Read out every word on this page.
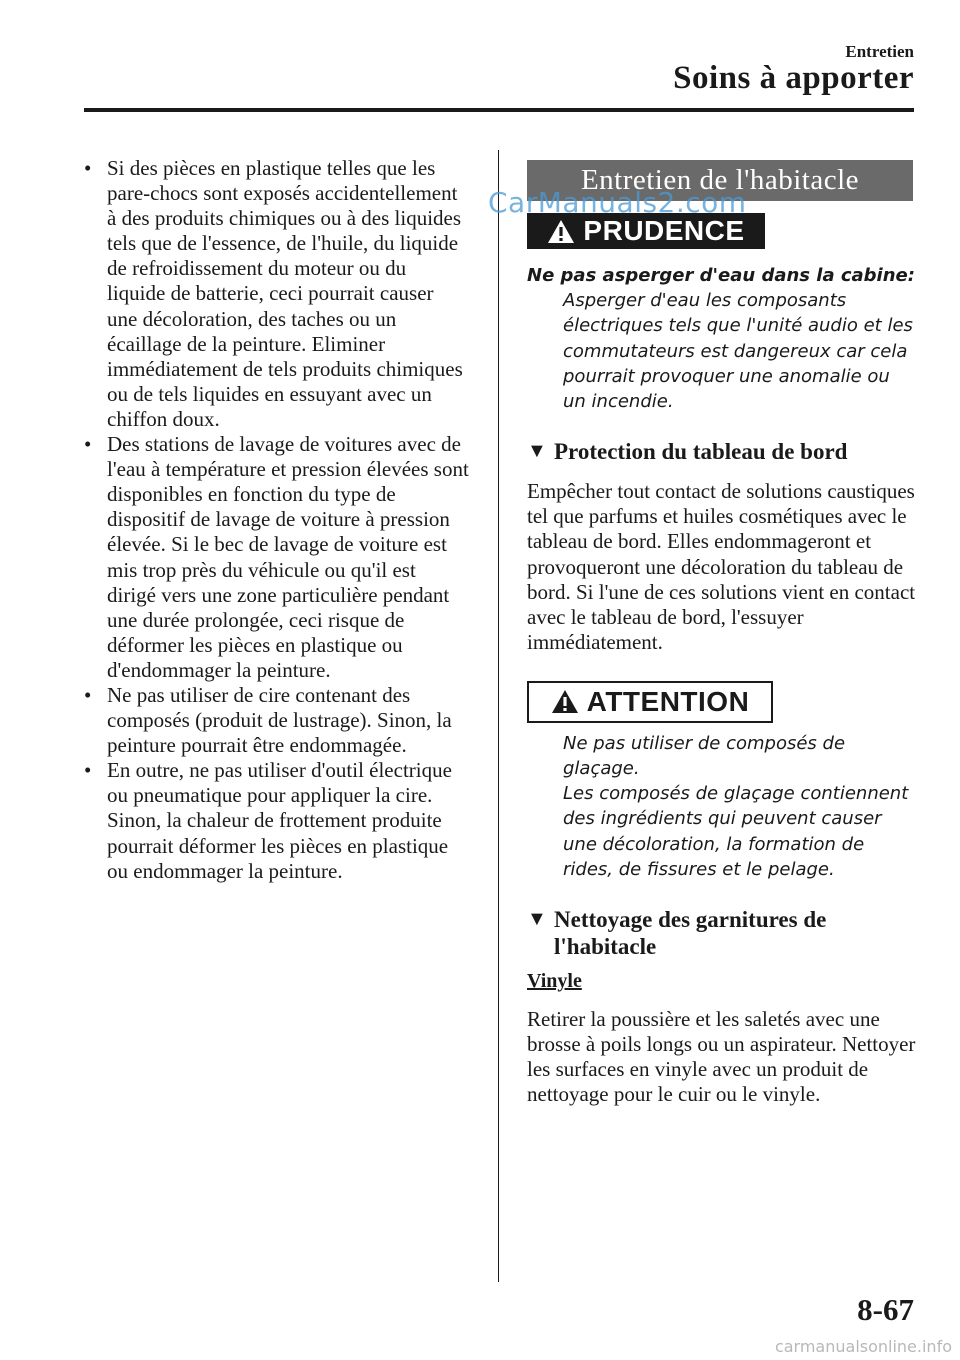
Entretien
Soins à apporter
• Si des pièces en plastique telles que les pare-chocs sont exposés accidentellement à des produits chimiques ou à des liquides tels que de l'essence, de l'huile, du liquide de refroidissement du moteur ou du liquide de batterie, ceci pourrait causer une décoloration, des taches ou un écaillage de la peinture. Eliminer immédiatement de tels produits chimiques ou de tels liquides en essuyant avec un chiffon doux.
• Des stations de lavage de voitures avec de l'eau à température et pression élevées sont disponibles en fonction du type de dispositif de lavage de voiture à pression élevée. Si le bec de lavage de voiture est mis trop près du véhicule ou qu'il est dirigé vers une zone particulière pendant une durée prolongée, ceci risque de déformer les pièces en plastique ou d'endommager la peinture.
• Ne pas utiliser de cire contenant des composés (produit de lustrage). Sinon, la peinture pourrait être endommagée.
• En outre, ne pas utiliser d'outil électrique ou pneumatique pour appliquer la cire. Sinon, la chaleur de frottement produite pourrait déformer les pièces en plastique ou endommager la peinture.
Entretien de l'habitacle
PRUDENCE
Ne pas asperger d'eau dans la cabine:
Asperger d'eau les composants électriques tels que l'unité audio et les commutateurs est dangereux car cela pourrait provoquer une anomalie ou un incendie.
▼ Protection du tableau de bord
Empêcher tout contact de solutions caustiques tel que parfums et huiles cosmétiques avec le tableau de bord. Elles endommageront et provoqueront une décoloration du tableau de bord. Si l'une de ces solutions vient en contact avec le tableau de bord, l'essuyer immédiatement.
ATTENTION
Ne pas utiliser de composés de glaçage.
Les composés de glaçage contiennent des ingrédients qui peuvent causer une décoloration, la formation de rides, de fissures et le pelage.
▼ Nettoyage des garnitures de l'habitacle
Vinyle
Retirer la poussière et les saletés avec une brosse à poils longs ou un aspirateur. Nettoyer les surfaces en vinyle avec un produit de nettoyage pour le cuir ou le vinyle.
CarManuals2.com
8-67
carmanualsonline.info
